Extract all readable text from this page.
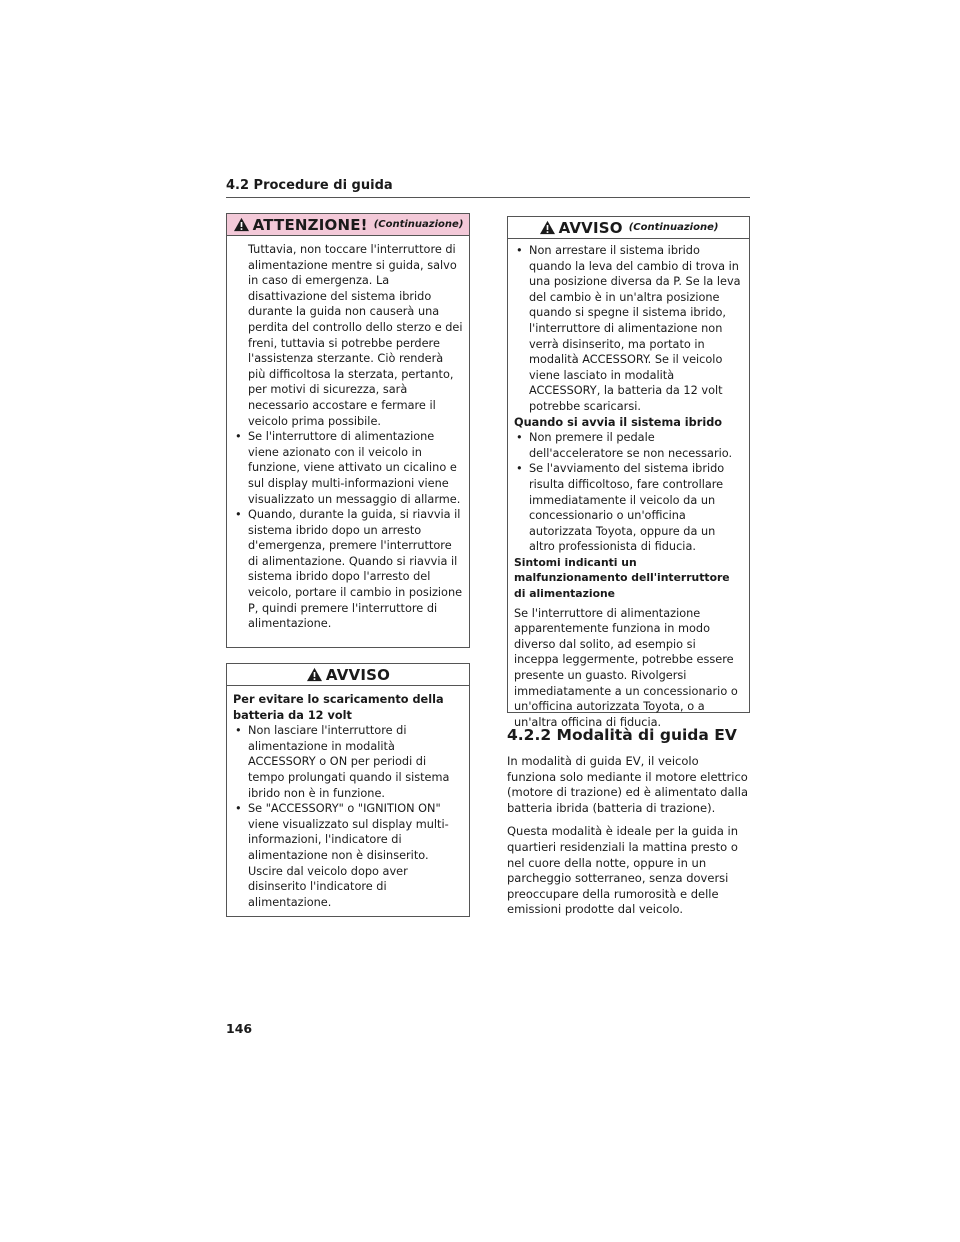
4.2 Procedure di guida
ATTENZIONE! (Continuazione)

Tuttavia, non toccare l'interruttore di alimentazione mentre si guida, salvo in caso di emergenza. La disattivazione del sistema ibrido durante la guida non causerà una perdita del controllo dello sterzo e dei freni, tuttavia si potrebbe perdere l'assistenza sterzante. Ciò renderà più difficoltosa la sterzata, pertanto, per motivi di sicurezza, sarà necessario accostare e fermare il veicolo prima possibile.

• Se l'interruttore di alimentazione viene azionato con il veicolo in funzione, viene attivato un cicalino e sul display multi-informazioni viene visualizzato un messaggio di allarme.

• Quando, durante la guida, si riavvia il sistema ibrido dopo un arresto d'emergenza, premere l'interruttore di alimentazione. Quando si riavvia il sistema ibrido dopo l'arresto del veicolo, portare il cambio in posizione P, quindi premere l'interruttore di alimentazione.

AVVISO

Per evitare lo scaricamento della batteria da 12 volt

• Non lasciare l'interruttore di alimentazione in modalità ACCESSORY o ON per periodi di tempo prolungati quando il sistema ibrido non è in funzione.

• Se "ACCESSORY" o "IGNITION ON" viene visualizzato sul display multi-informazioni, l'indicatore di alimentazione non è disinserito. Uscire dal veicolo dopo aver disinserito l'indicatore di alimentazione.

AVVISO (Continuazione)

• Non arrestare il sistema ibrido quando la leva del cambio di trova in una posizione diversa da P. Se la leva del cambio è in un'altra posizione quando si spegne il sistema ibrido, l'interruttore di alimentazione non verrà disinserito, ma portato in modalità ACCESSORY. Se il veicolo viene lasciato in modalità ACCESSORY, la batteria da 12 volt potrebbe scaricarsi.

Quando si avvia il sistema ibrido

• Non premere il pedale dell'acceleratore se non necessario.

• Se l'avviamento del sistema ibrido risulta difficoltoso, fare controllare immediatamente il veicolo da un concessionario o un'officina autorizzata Toyota, oppure da un altro professionista di fiducia.

Sintomi indicanti un malfunzionamento dell'interruttore di alimentazione

Se l'interruttore di alimentazione apparentemente funziona in modo diverso dal solito, ad esempio si inceppa leggermente, potrebbe essere presente un guasto. Rivolgersi immediatamente a un concessionario o un'officina autorizzata Toyota, o a un'altra officina di fiducia.

4.2.2 Modalità di guida EV

In modalità di guida EV, il veicolo funziona solo mediante il motore elettrico (motore di trazione) ed è alimentato dalla batteria ibrida (batteria di trazione).

Questa modalità è ideale per la guida in quartieri residenziali la mattina presto o nel cuore della notte, oppure in un parcheggio sotterraneo, senza doversi preoccupare della rumorosità e delle emissioni prodotte dal veicolo.

146
